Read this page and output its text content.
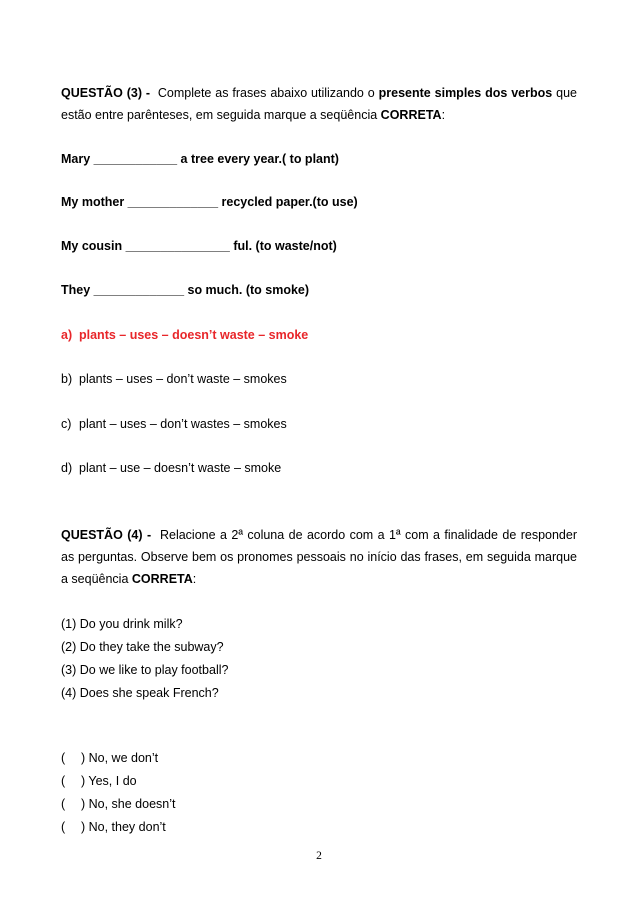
QUESTÃO (3) - Complete as frases abaixo utilizando o presente simples dos verbos que estão entre parênteses, em seguida marque a seqüência CORRETA:
Mary ____________ a tree every year.( to plant)
My mother _____________ recycled paper.(to use)
My cousin _______________ ful. (to waste/not)
They _____________ so much. (to smoke)
a) plants – uses – doesn’t waste – smoke
b) plants – uses – don’t waste – smokes
c) plant – uses – don’t wastes – smokes
d) plant – use – doesn’t waste – smoke
QUESTÃO (4) - Relacione a 2ª coluna de acordo com a 1ª com a finalidade de responder as perguntas. Observe bem os pronomes pessoais no início das frases, em seguida marque a seqüência CORRETA:
(1) Do you drink milk?
(2) Do they take the subway?
(3) Do we like to play football?
(4) Does she speak French?
( ) No, we don’t
( ) Yes, I do
( ) No, she doesn’t
( ) No, they don’t
2
